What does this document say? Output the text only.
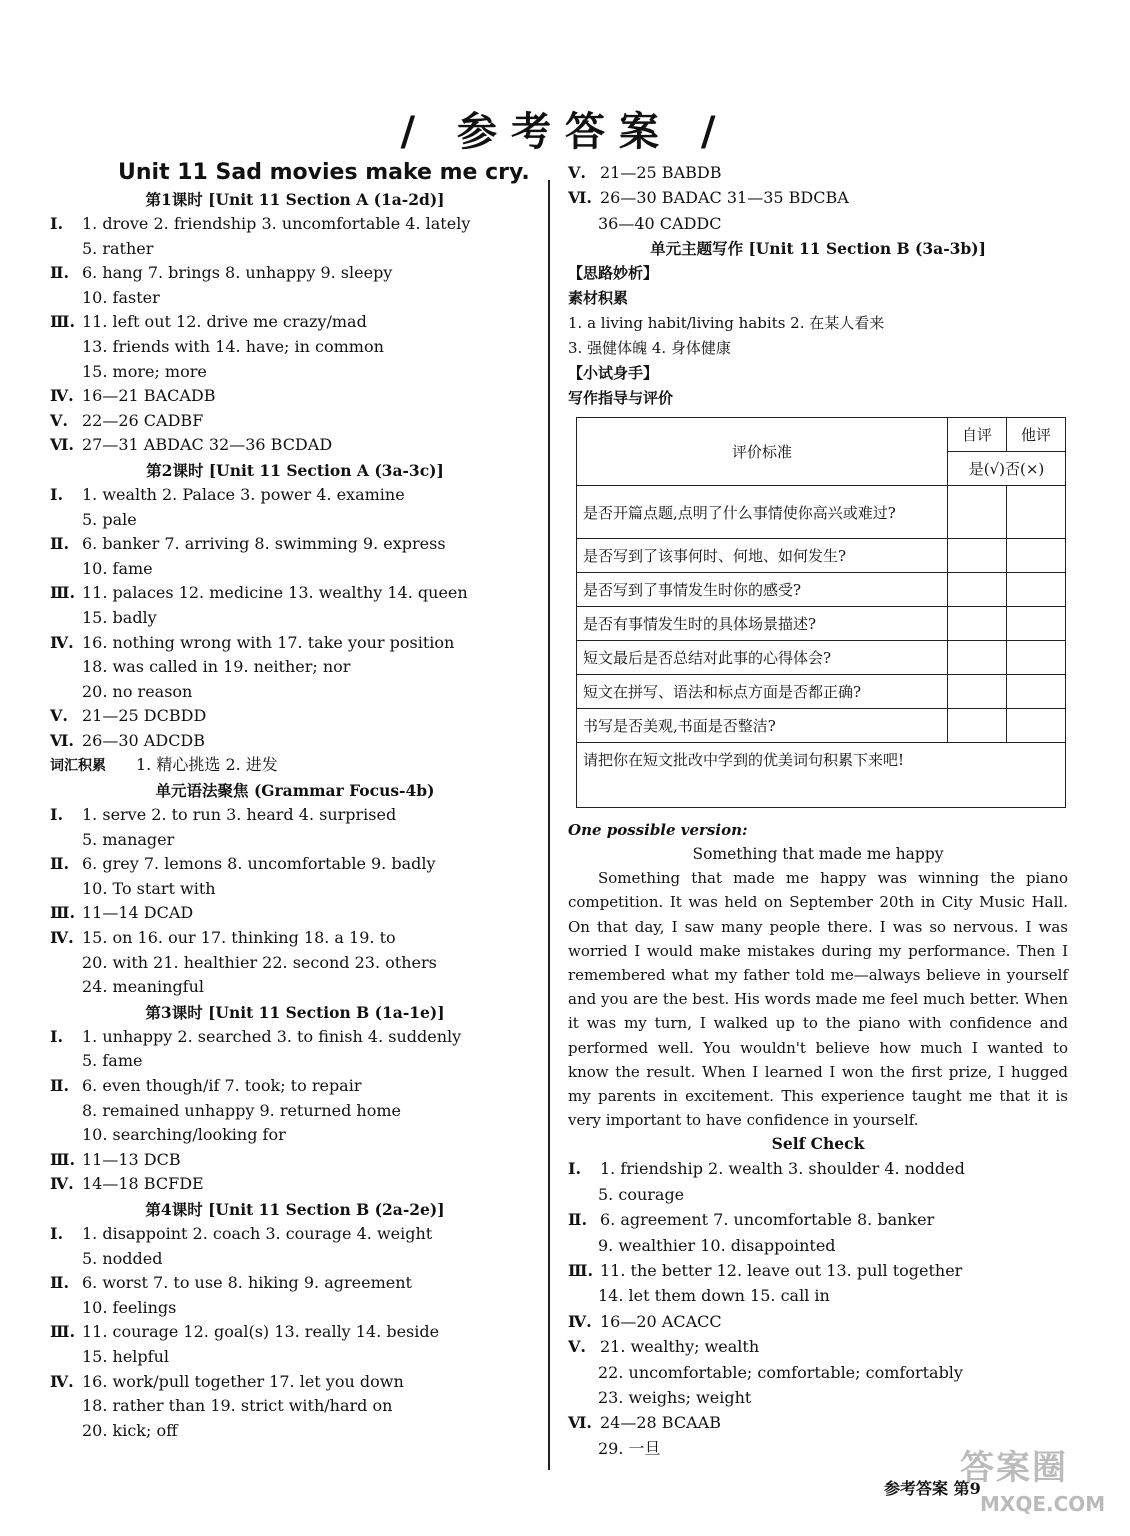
/ 参考答案 /
Unit 11 Sad movies make me cry.
第1课时 [Unit 11 Section A (1a-2d)]
Ⅰ. 1. drove 2. friendship 3. uncomfortable 4. lately
5. rather
Ⅱ. 6. hang 7. brings 8. unhappy 9. sleepy
10. faster
Ⅲ. 11. left out 12. drive me crazy/mad
13. friends with 14. have; in common
15. more; more
Ⅳ. 16—21 BACADB
Ⅴ. 22—26 CADBF
Ⅵ. 27—31 ABDAC 32—36 BCDAD
第2课时 [Unit 11 Section A (3a-3c)]
Ⅰ. 1. wealth 2. Palace 3. power 4. examine
5. pale
Ⅱ. 6. banker 7. arriving 8. swimming 9. express
10. fame
Ⅲ. 11. palaces 12. medicine 13. wealthy 14. queen
15. badly
Ⅳ. 16. nothing wrong with 17. take your position
18. was called in 19. neither; nor
20. no reason
Ⅴ. 21—25 DCBDD
Ⅵ. 26—30 ADCDB
词汇积累 1. 精心挑选 2. 进发
单元语法聚焦 (Grammar Focus-4b)
Ⅰ. 1. serve 2. to run 3. heard 4. surprised
5. manager
Ⅱ. 6. grey 7. lemons 8. uncomfortable 9. badly
10. To start with
Ⅲ. 11—14 DCAD
Ⅳ. 15. on 16. our 17. thinking 18. a 19. to
20. with 21. healthier 22. second 23. others
24. meaningful
第3课时 [Unit 11 Section B (1a-1e)]
Ⅰ. 1. unhappy 2. searched 3. to finish 4. suddenly
5. fame
Ⅱ. 6. even though/if 7. took; to repair
8. remained unhappy 9. returned home
10. searching/looking for
Ⅲ. 11—13 DCB
Ⅳ. 14—18 BCFDE
第4课时 [Unit 11 Section B (2a-2e)]
Ⅰ. 1. disappoint 2. coach 3. courage 4. weight
5. nodded
Ⅱ. 6. worst 7. to use 8. hiking 9. agreement
10. feelings
Ⅲ. 11. courage 12. goal(s) 13. really 14. beside
15. helpful
Ⅳ. 16. work/pull together 17. let you down
18. rather than 19. strict with/hard on
20. kick; off
Ⅴ. 21—25 BABDB
Ⅵ. 26—30 BADAC 31—35 BDCBA
36—40 CADDC
单元主题写作 [Unit 11 Section B (3a-3b)]
【思路妙析】
素材积累
1. a living habit/living habits 2. 在某人看来
3. 强健体魄 4. 身体健康
【小试身手】
写作指导与评价
评价标准	自评	他评
	是(√)否(×)	
是否开篇点题,点明了什么事情使你高兴或难过?		
是否写到了该事何时、何地、如何发生?		
是否写到了事情发生时你的感受?		
是否有事情发生时的具体场景描述?		
短文最后是否总结对此事的心得体会?		
短文在拼写、语法和标点方面是否都正确?		
书写是否美观,书面是否整洁?		
请把你在短文批改中学到的优美词句积累下来吧!		
One possible version:
Something that made me happy
Something that made me happy was winning the piano competition. It was held on September 20th in City Music Hall. On that day, I saw many people there. I was so nervous. I was worried I would make mistakes during my performance. Then I remembered what my father told me—always believe in yourself and you are the best. His words made me feel much better. When it was my turn, I walked up to the piano with confidence and performed well. You wouldn't believe how much I wanted to know the result. When I learned I won the first prize, I hugged my parents in excitement. This experience taught me that it is very important to have confidence in yourself.
Self Check
Ⅰ. 1. friendship 2. wealth 3. shoulder 4. nodded
5. courage
Ⅱ. 6. agreement 7. uncomfortable 8. banker
9. wealthier 10. disappointed
Ⅲ. 11. the better 12. leave out 13. pull together
14. let them down 15. call in
Ⅳ. 16—20 ACACC
Ⅴ. 21. wealthy; wealth
22. uncomfortable; comfortable; comfortably
23. weighs; weight
Ⅵ. 24—28 BCAAB
29. 一旦
参考答案 第9
答案圈
MXQE.COM
